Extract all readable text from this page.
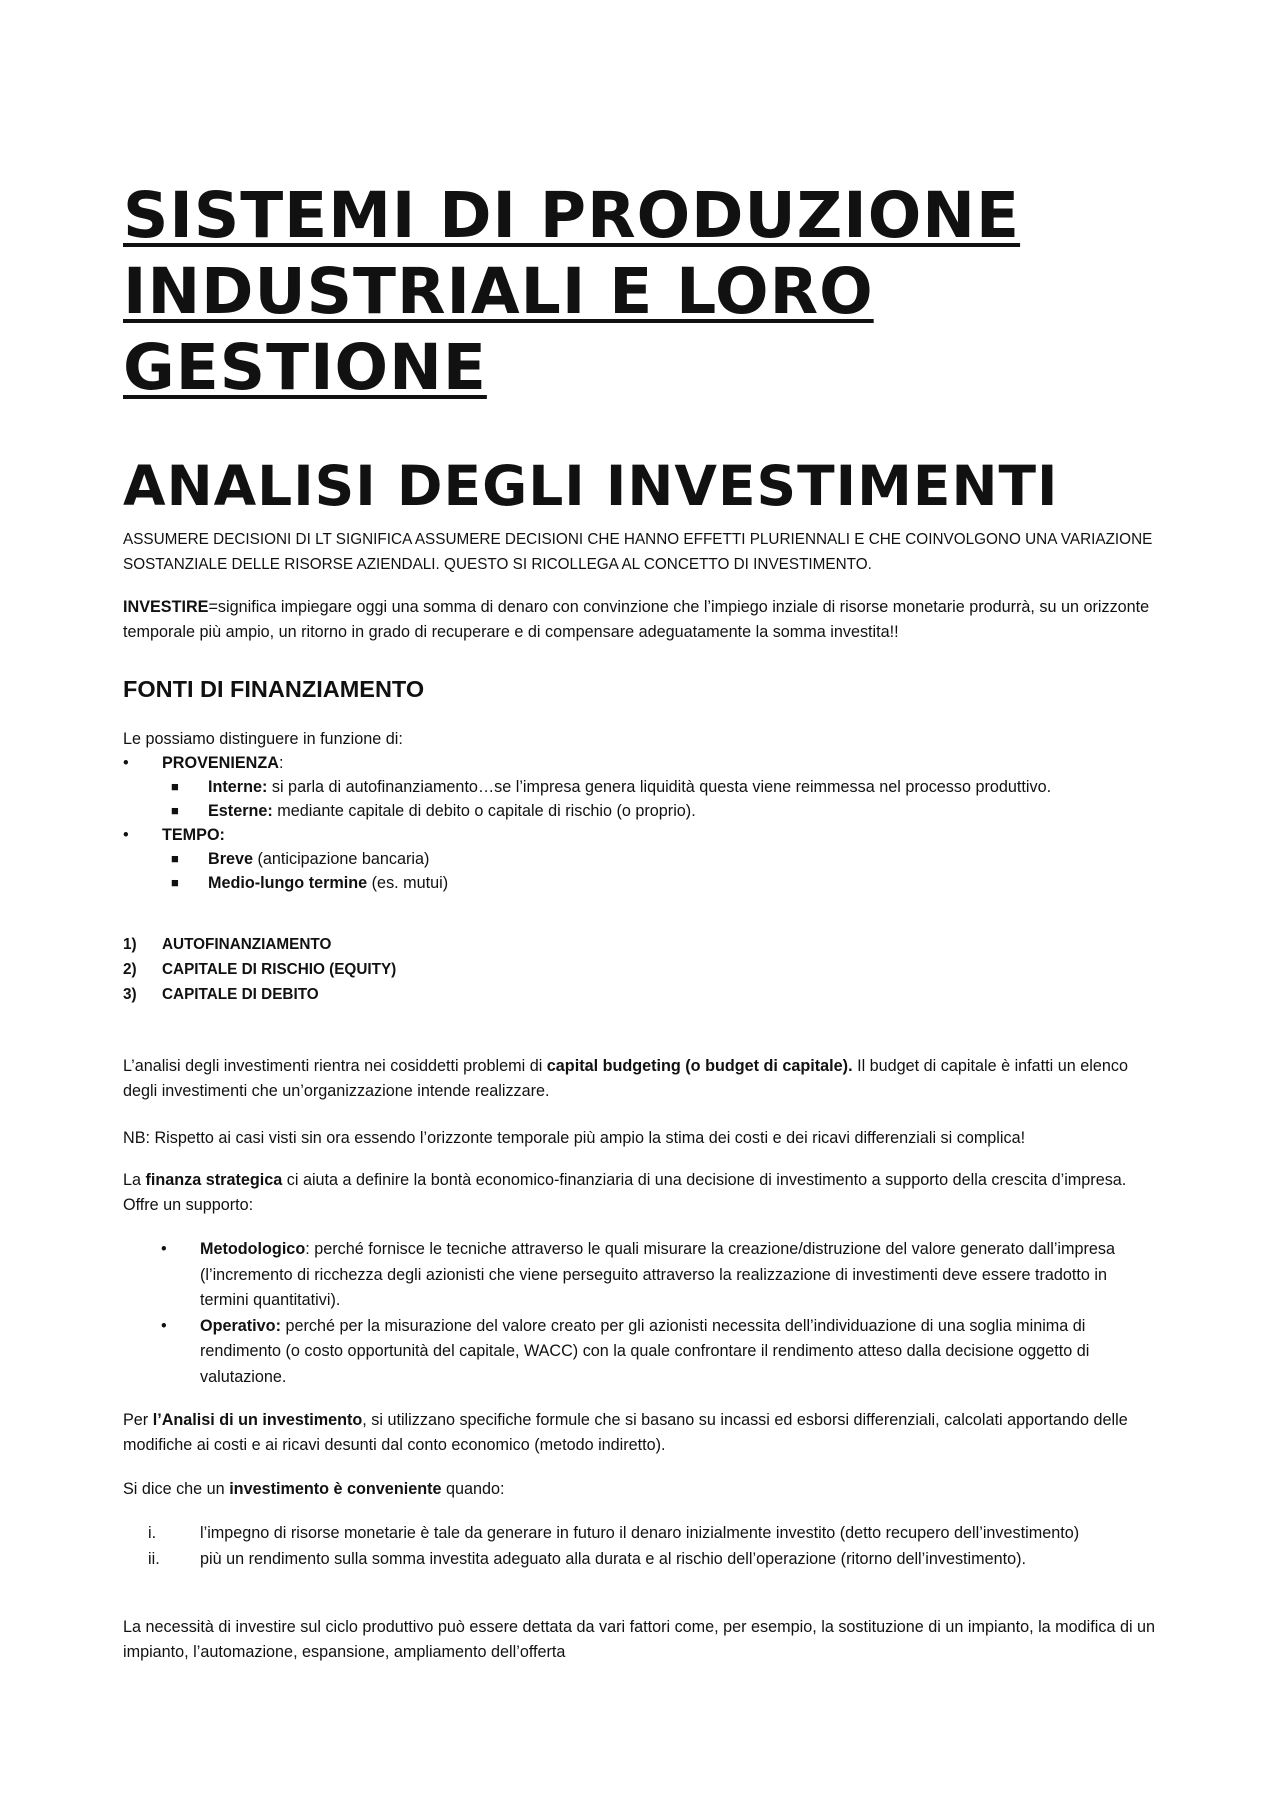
SISTEMI DI PRODUZIONE
INDUSTRIALI E LORO
GESTIONE
ANALISI DEGLI INVESTIMENTI

ASSUMERE DECISIONI DI LT SIGNIFICA ASSUMERE DECISIONI CHE HANNO EFFETTI PLURIENNALI E CHE COINVOLGONO UNA VARIAZIONE SOSTANZIALE DELLE RISORSE AZIENDALI. QUESTO SI RICOLLEGA AL CONCETTO DI INVESTIMENTO.

INVESTIRE=significa impiegare oggi una somma di denaro con convinzione che l’impiego inziale di risorse monetarie produrrà, su un orizzonte temporale più ampio, un ritorno in grado di recuperare e di compensare adeguatamente la somma investita!!

FONTI DI FINANZIAMENTO

Le possiamo distinguere in funzione di:

• PROVENIENZA:
■ Interne: si parla di autofinanziamento…se l’impresa genera liquidità questa viene reimmessa nel processo produttivo.
■ Esterne: mediante capitale di debito o capitale di rischio (o proprio).
• TEMPO:
■ Breve (anticipazione bancaria)
■ Medio-lungo termine (es. mutui)
1) AUTOFINANZIAMENTO
2) CAPITALE DI RISCHIO (EQUITY)
3) CAPITALE DI DEBITO

L’analisi degli investimenti rientra nei cosiddetti problemi di capital budgeting (o budget di capitale). Il budget di capitale è infatti un elenco degli investimenti che un’organizzazione intende realizzare.

NB: Rispetto ai casi visti sin ora essendo l’orizzonte temporale più ampio la stima dei costi e dei ricavi differenziali si complica!

La finanza strategica ci aiuta a definire la bontà economico-finanziaria di una decisione di investimento a supporto della crescita d’impresa. Offre un supporto:

• Metodologico: perché fornisce le tecniche attraverso le quali misurare la creazione/distruzione del valore generato dall’impresa (l’incremento di ricchezza degli azionisti che viene perseguito attraverso la realizzazione di investimenti deve essere tradotto in termini quantitativi).
• Operativo: perché per la misurazione del valore creato per gli azionisti necessita dell’individuazione di una soglia minima di rendimento (o costo opportunità del capitale, WACC) con la quale confrontare il rendimento atteso dalla decisione oggetto di valutazione.

Per l’Analisi di un investimento, si utilizzano specifiche formule che si basano su incassi ed esborsi differenziali, calcolati apportando delle modifiche ai costi e ai ricavi desunti dal conto economico (metodo indiretto).

Si dice che un investimento è conveniente quando:

i.	l’impegno di risorse monetarie è tale da generare in futuro il denaro inizialmente investito (detto recupero dell’investimento)
ii.	più un rendimento sulla somma investita adeguato alla durata e al rischio dell’operazione (ritorno dell’investimento).

La necessità di investire sul ciclo produttivo può essere dettata da vari fattori come, per esempio, la sostituzione di un impianto, la modifica di un impianto, l’automazione, espansione, ampliamento dell’offerta
